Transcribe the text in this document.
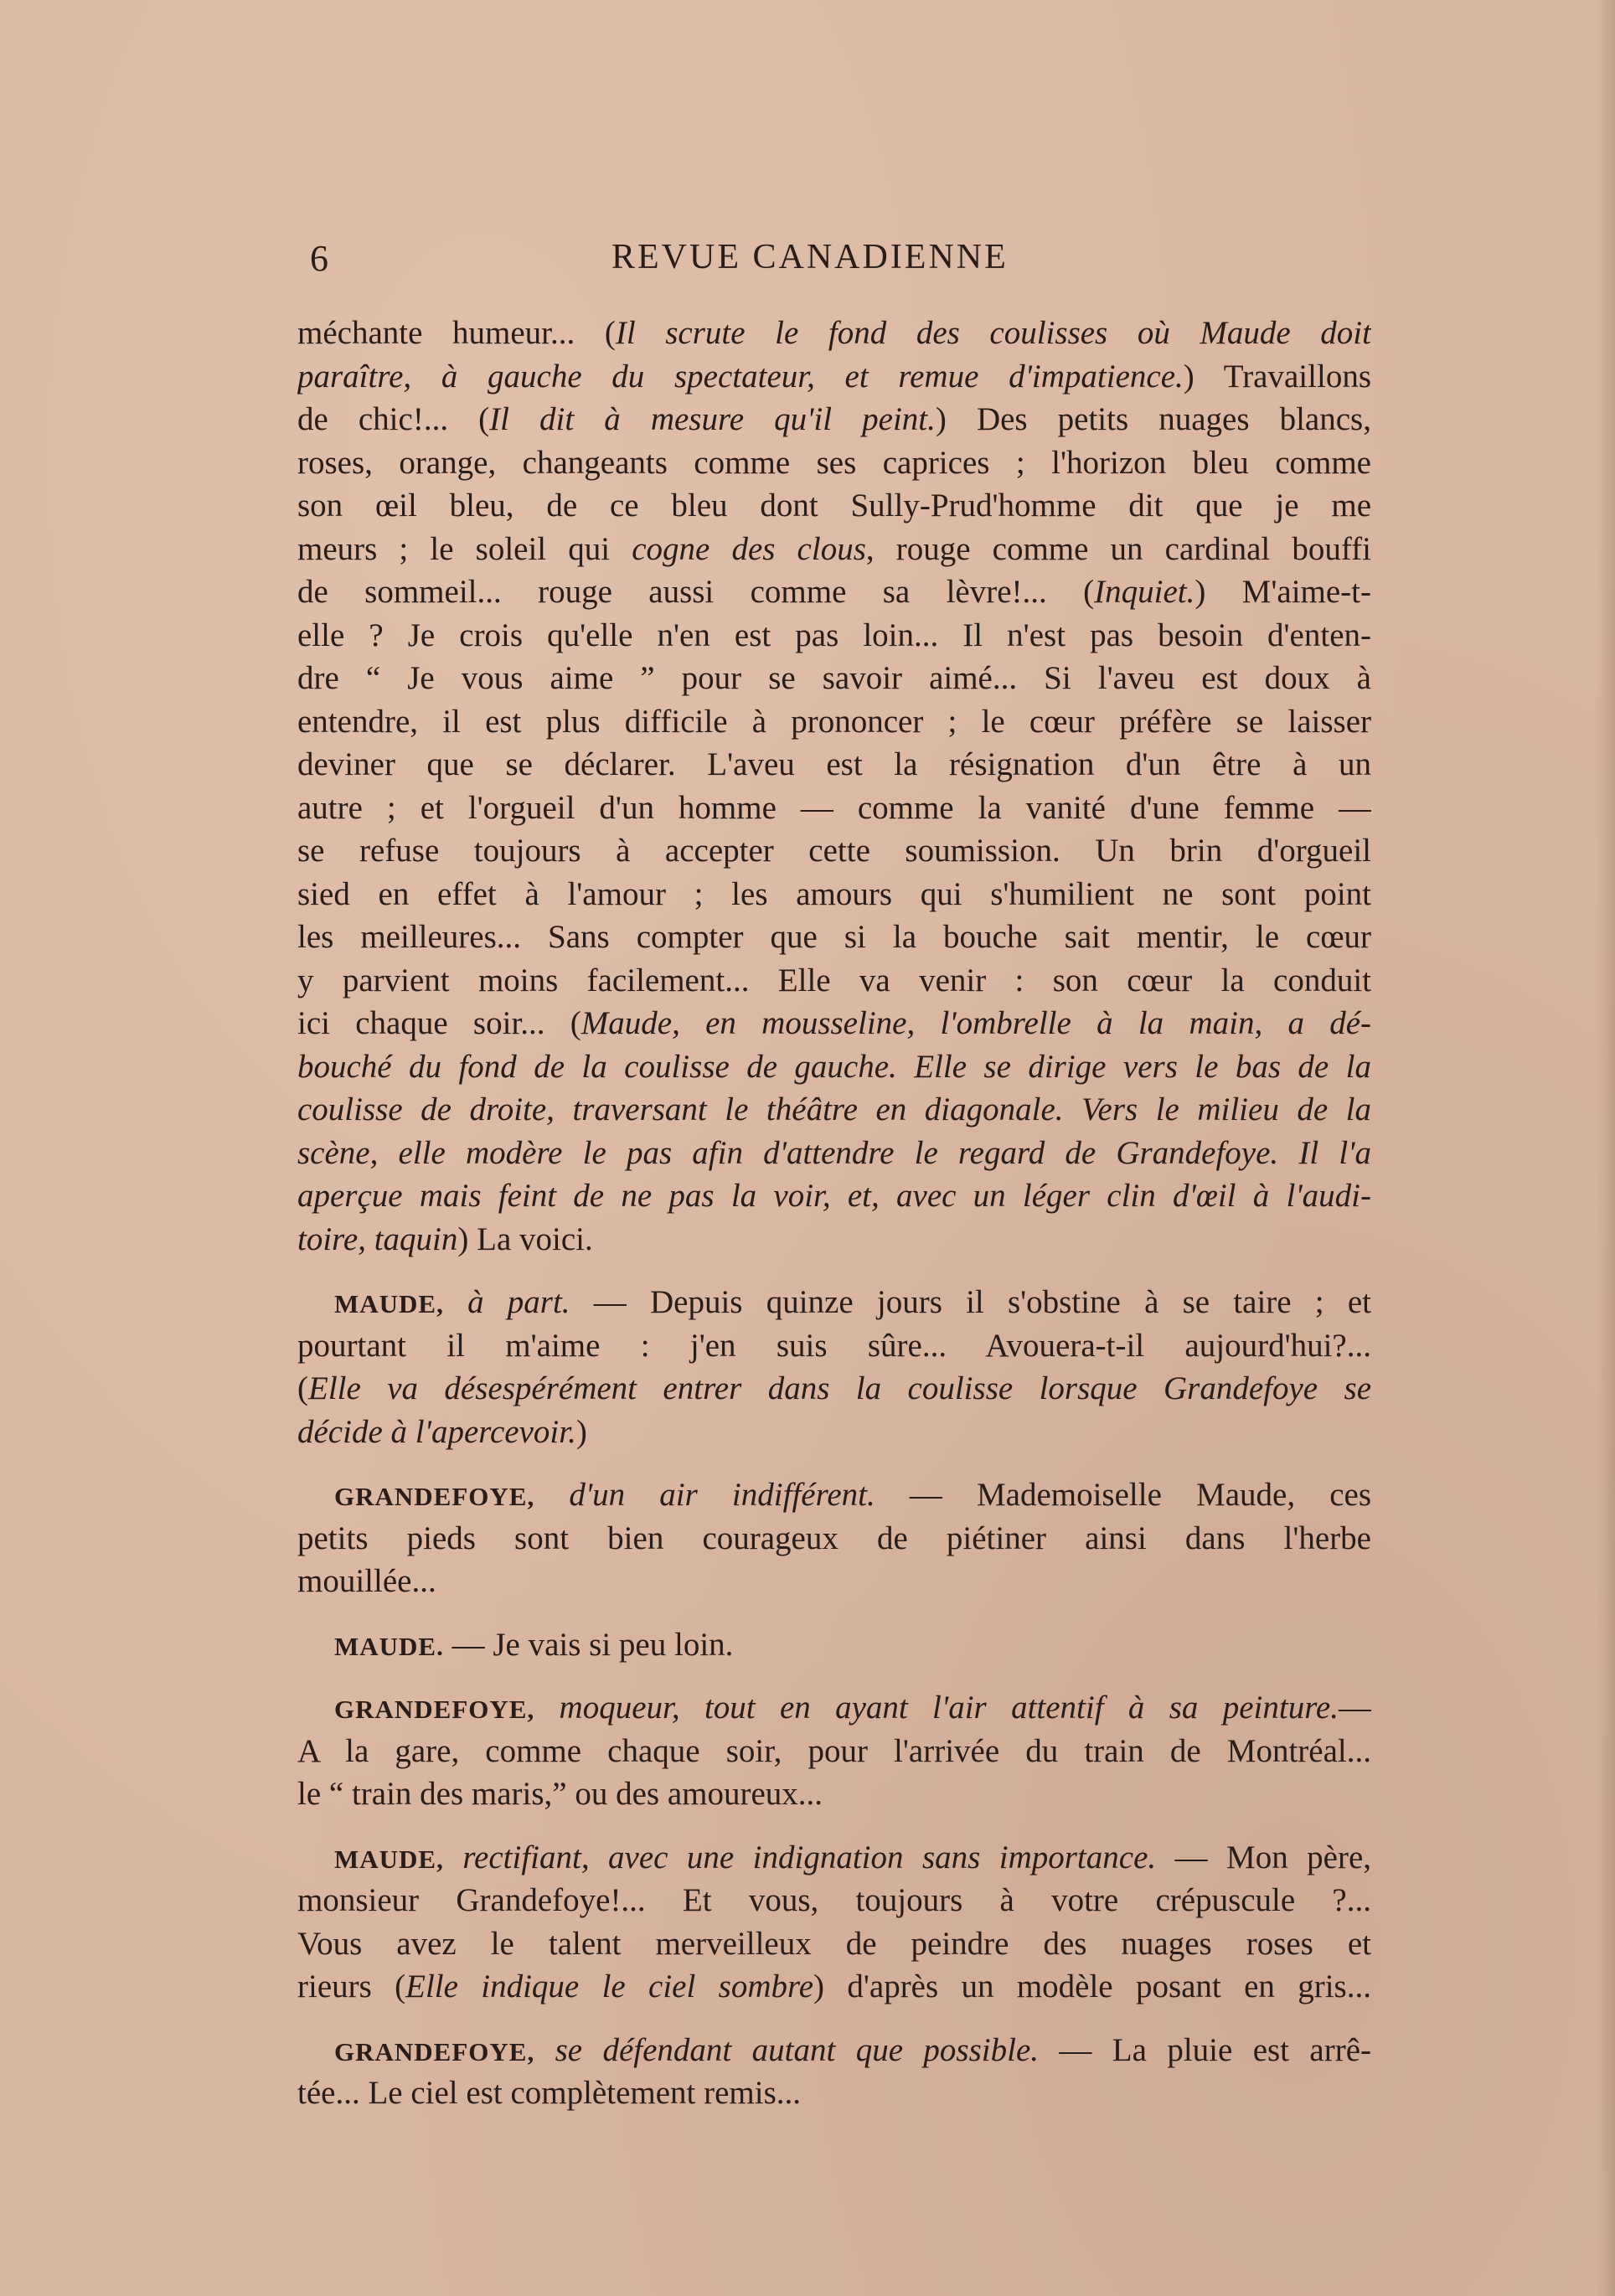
6	REVUE CANADIENNE
méchante humeur... (Il scrute le fond des coulisses où Maude doit
paraître, à gauche du spectateur, et remue d'impatience.) Travaillons
de chic!... (Il dit à mesure qu'il peint.) Des petits nuages blancs,
roses, orange, changeants comme ses caprices ; l'horizon bleu comme
son œil bleu, de ce bleu dont Sully-Prud'homme dit que je me
meurs ; le soleil qui cogne des clous, rouge comme un cardinal bouffi
de sommeil... rouge aussi comme sa lèvre!... (Inquiet.) M'aime-t-
elle ? Je crois qu'elle n'en est pas loin... Il n'est pas besoin d'enten-
dre “ Je vous aime ” pour se savoir aimé... Si l'aveu est doux à
entendre, il est plus difficile à prononcer ; le cœur préfère se laisser
deviner que se déclarer. L'aveu est la résignation d'un être à un
autre ; et l'orgueil d'un homme — comme la vanité d'une femme —
se refuse toujours à accepter cette soumission. Un brin d'orgueil
sied en effet à l'amour ; les amours qui s'humilient ne sont point
les meilleures... Sans compter que si la bouche sait mentir, le cœur
y parvient moins facilement... Elle va venir : son cœur la conduit
ici chaque soir... (Maude, en mousseline, l'ombrelle à la main, a dé-
bouché du fond de la coulisse de gauche. Elle se dirige vers le bas de la
coulisse de droite, traversant le théâtre en diagonale. Vers le milieu de la
scène, elle modère le pas afin d'attendre le regard de Grandefoye. Il l'a
aperçue mais feint de ne pas la voir, et, avec un léger clin d'œil à l'audi-
toire, taquin) La voici.
MAUDE, à part. — Depuis quinze jours il s'obstine à se taire ; et
pourtant il m'aime : j'en suis sûre... Avouera-t-il aujourd'hui?...
(Elle va désespérément entrer dans la coulisse lorsque Grandefoye se
décide à l'apercevoir.)
GRANDEFOYE, d'un air indifférent. — Mademoiselle Maude, ces
petits pieds sont bien courageux de piétiner ainsi dans l'herbe
mouillée...
MAUDE. — Je vais si peu loin.
GRANDEFOYE, moqueur, tout en ayant l'air attentif à sa peinture.—
A la gare, comme chaque soir, pour l'arrivée du train de Montréal...
le “ train des maris,” ou des amoureux...
MAUDE, rectifiant, avec une indignation sans importance. — Mon père,
monsieur Grandefoye!... Et vous, toujours à votre crépuscule ?...
Vous avez le talent merveilleux de peindre des nuages roses et
rieurs (Elle indique le ciel sombre) d'après un modèle posant en gris...
GRANDEFOYE, se défendant autant que possible. — La pluie est arrê-
tée... Le ciel est complètement remis...
